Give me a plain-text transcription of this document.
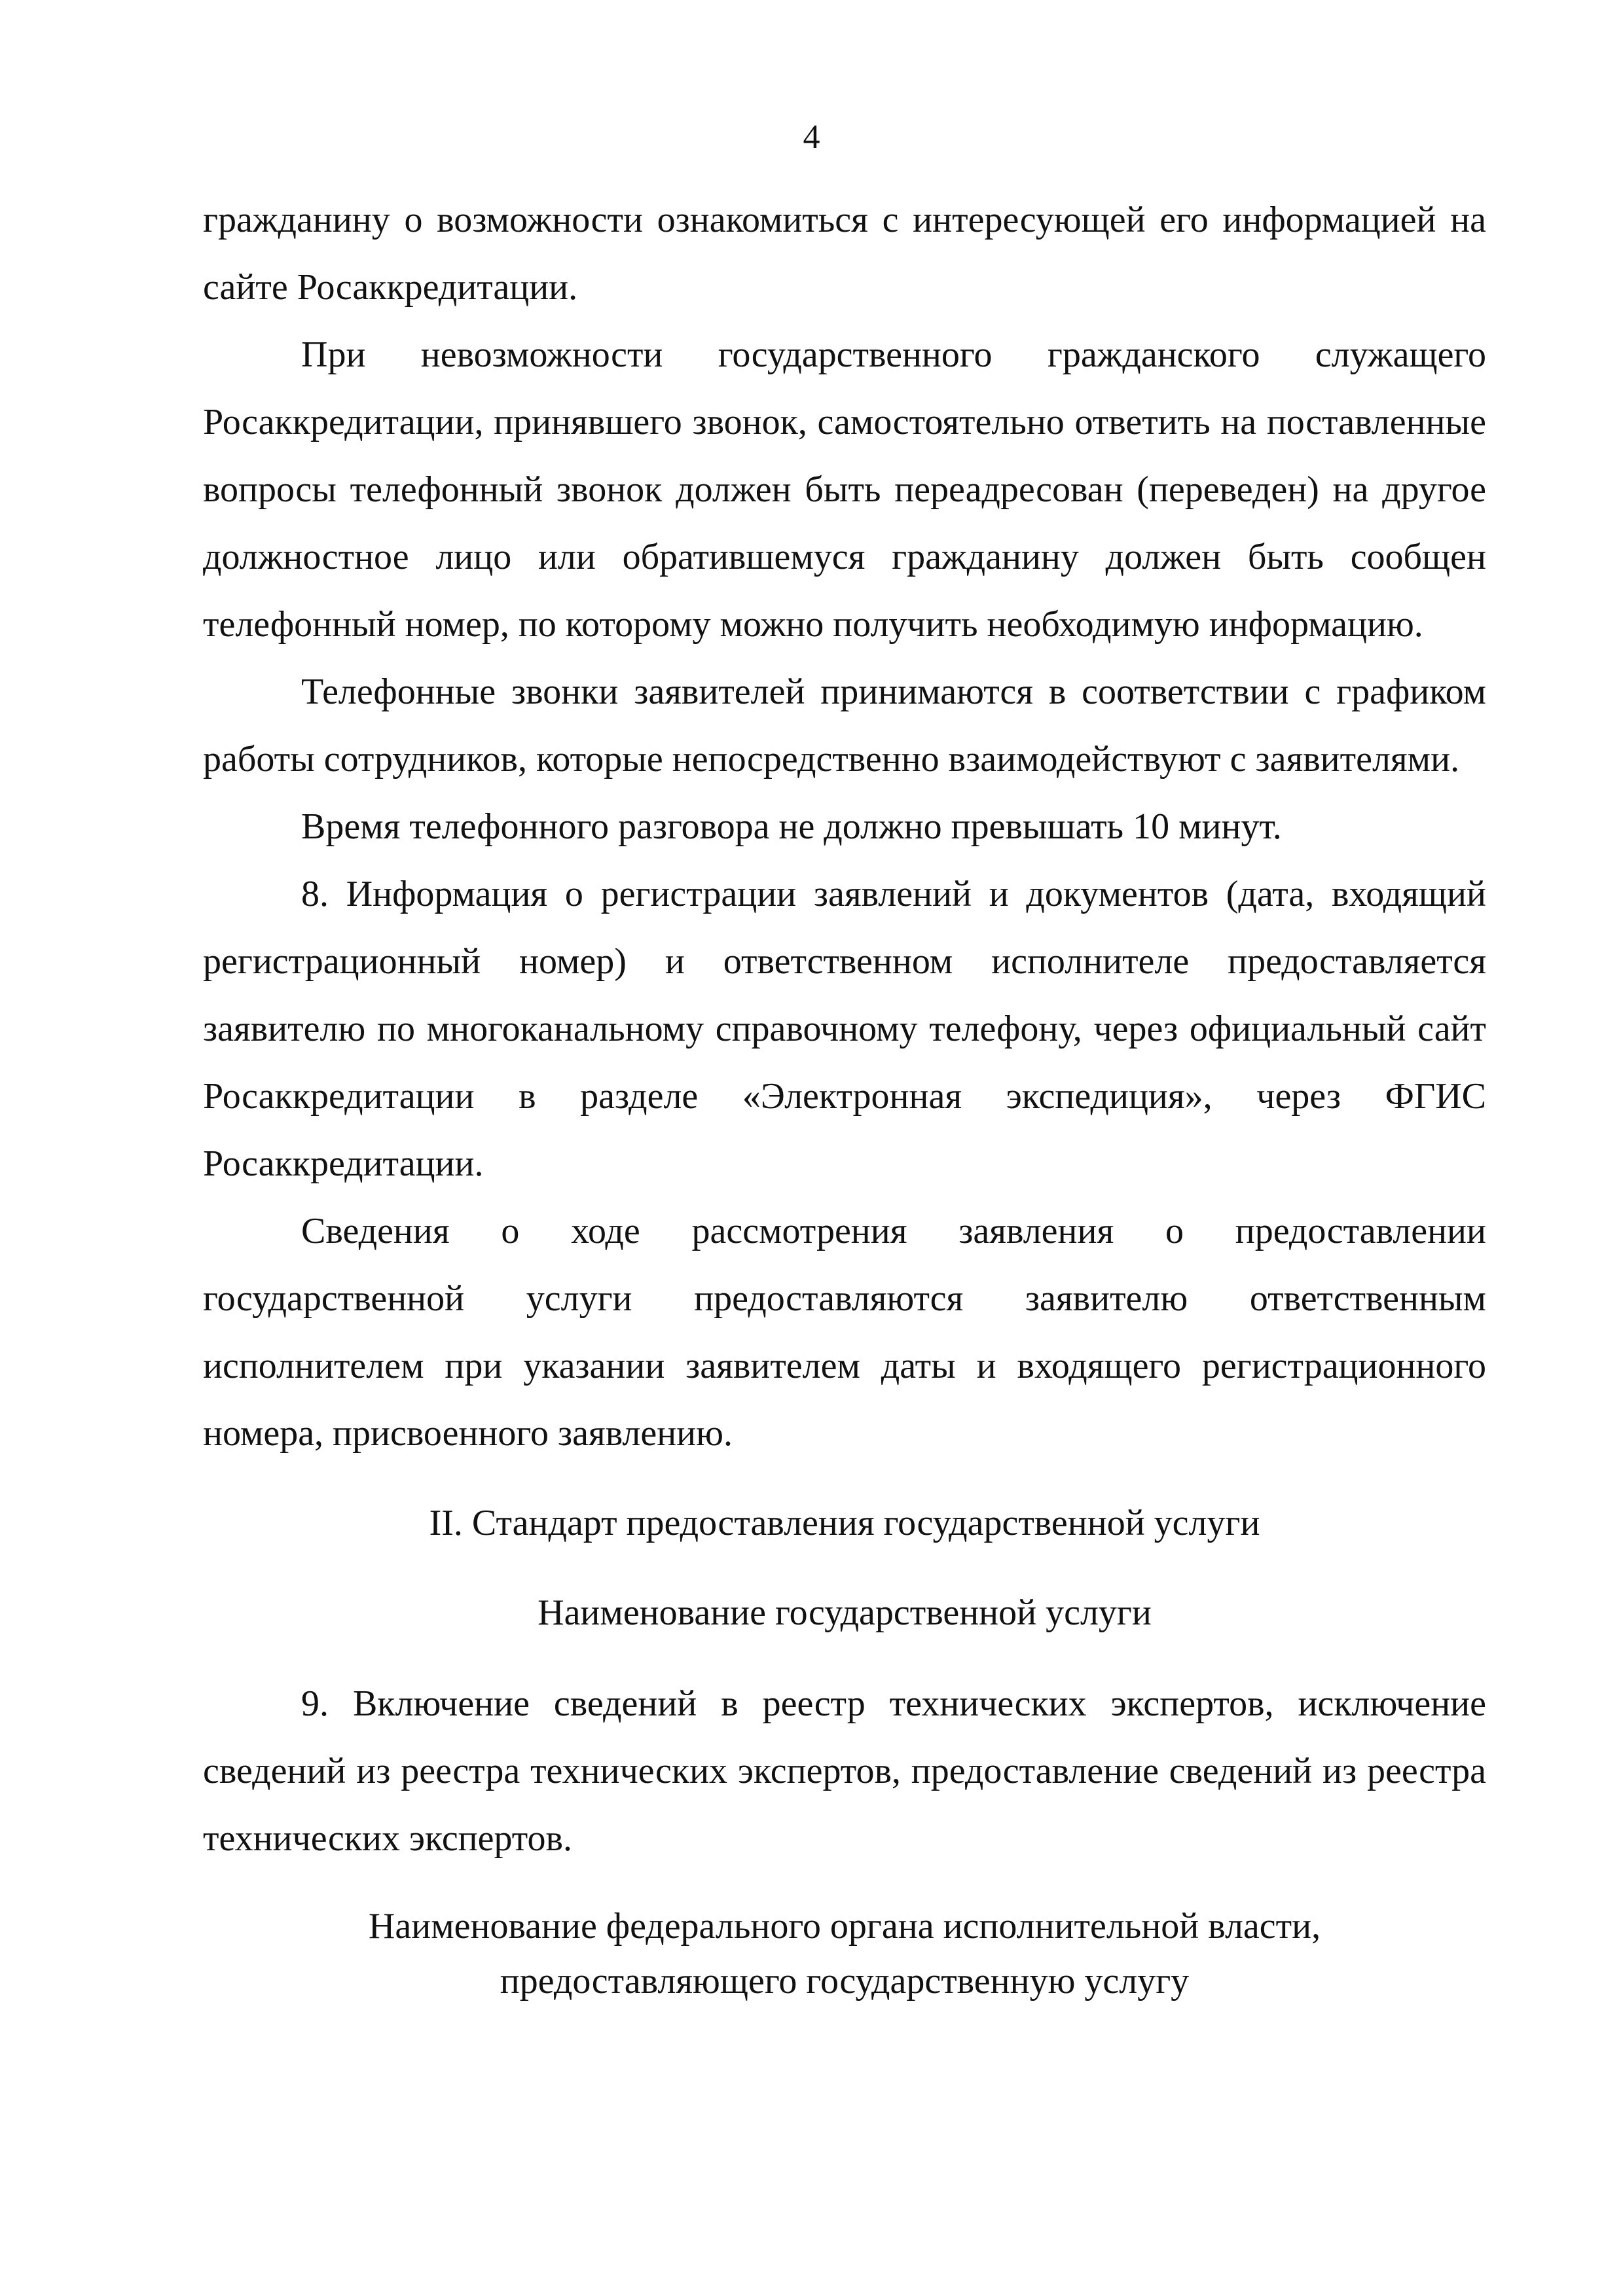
4

гражданину о возможности ознакомиться с интересующей его информацией на сайте Росаккредитации.

При невозможности государственного гражданского служащего Росаккредитации, принявшего звонок, самостоятельно ответить на поставленные вопросы телефонный звонок должен быть переадресован (переведен) на другое должностное лицо или обратившемуся гражданину должен быть сообщен телефонный номер, по которому можно получить необходимую информацию.

Телефонные звонки заявителей принимаются в соответствии с графиком работы сотрудников, которые непосредственно взаимодействуют с заявителями.

Время телефонного разговора не должно превышать 10 минут.

8. Информация о регистрации заявлений и документов (дата, входящий регистрационный номер) и ответственном исполнителе предоставляется заявителю по многоканальному справочному телефону, через официальный сайт Росаккредитации в разделе «Электронная экспедиция», через ФГИС Росаккредитации.

Сведения о ходе рассмотрения заявления о предоставлении государственной услуги предоставляются заявителю ответственным исполнителем при указании заявителем даты и входящего регистрационного номера, присвоенного заявлению.

II. Стандарт предоставления государственной услуги

Наименование государственной услуги

9. Включение сведений в реестр технических экспертов, исключение сведений из реестра технических экспертов, предоставление сведений из реестра технических экспертов.

Наименование федерального органа исполнительной власти,
предоставляющего государственную услугу
